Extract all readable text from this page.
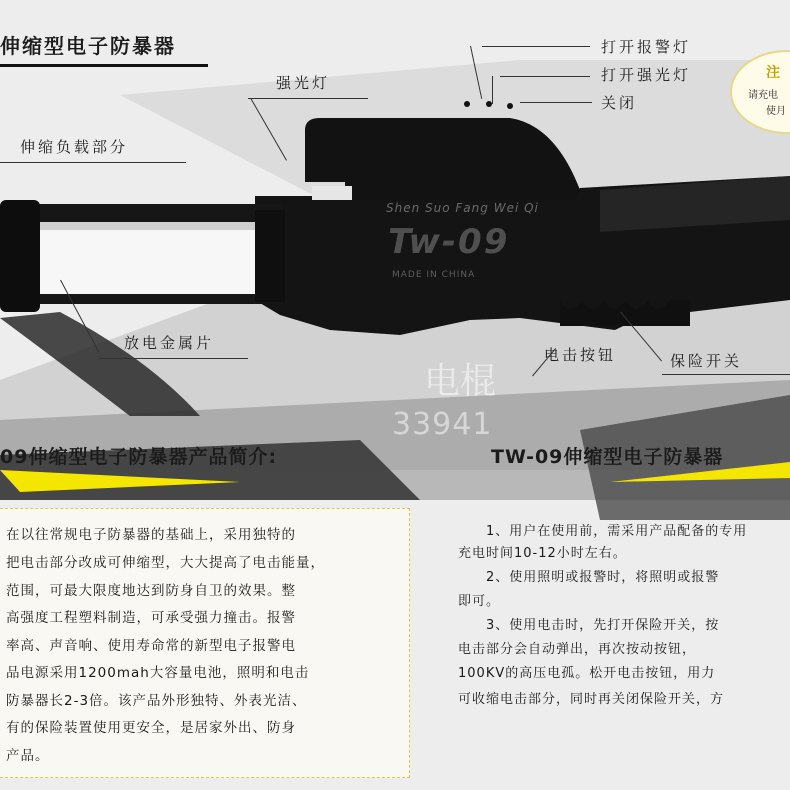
伸缩型电子防暴器	打开报警灯
打开强光灯
关闭
注
请充电
使月
强光灯
伸缩负载部分
Shen Suo Fang Wei Qi
Tw-09
MADE IN CHINA
放电金属片
电击按钮	保险开关
电棍
33941
09伸缩型电子防暴器产品简介:	TW-09伸缩型电子防暴器
在以往常规电子防暴器的基础上，采用独特的
把电击部分改成可伸缩型，大大提高了电击能量，
范围，可最大限度地达到防身自卫的效果。整
高强度工程塑料制造，可承受强力撞击。报警
率高、声音响、使用寿命常的新型电子报警电
品电源采用1200mah大容量电池，照明和电击
防暴器长2-3倍。该产品外形独特、外表光洁、
有的保险装置使用更安全，是居家外出、防身
产品。
1、用户在使用前，需采用产品配备的专用
充电时间10-12小时左右。
2、使用照明或报警时，将照明或报警
即可。
3、使用电击时，先打开保险开关，按
电击部分会自动弹出，再次按动按钮，
100KV的高压电孤。松开电击按钮，用力
可收缩电击部分，同时再关闭保险开关，方
